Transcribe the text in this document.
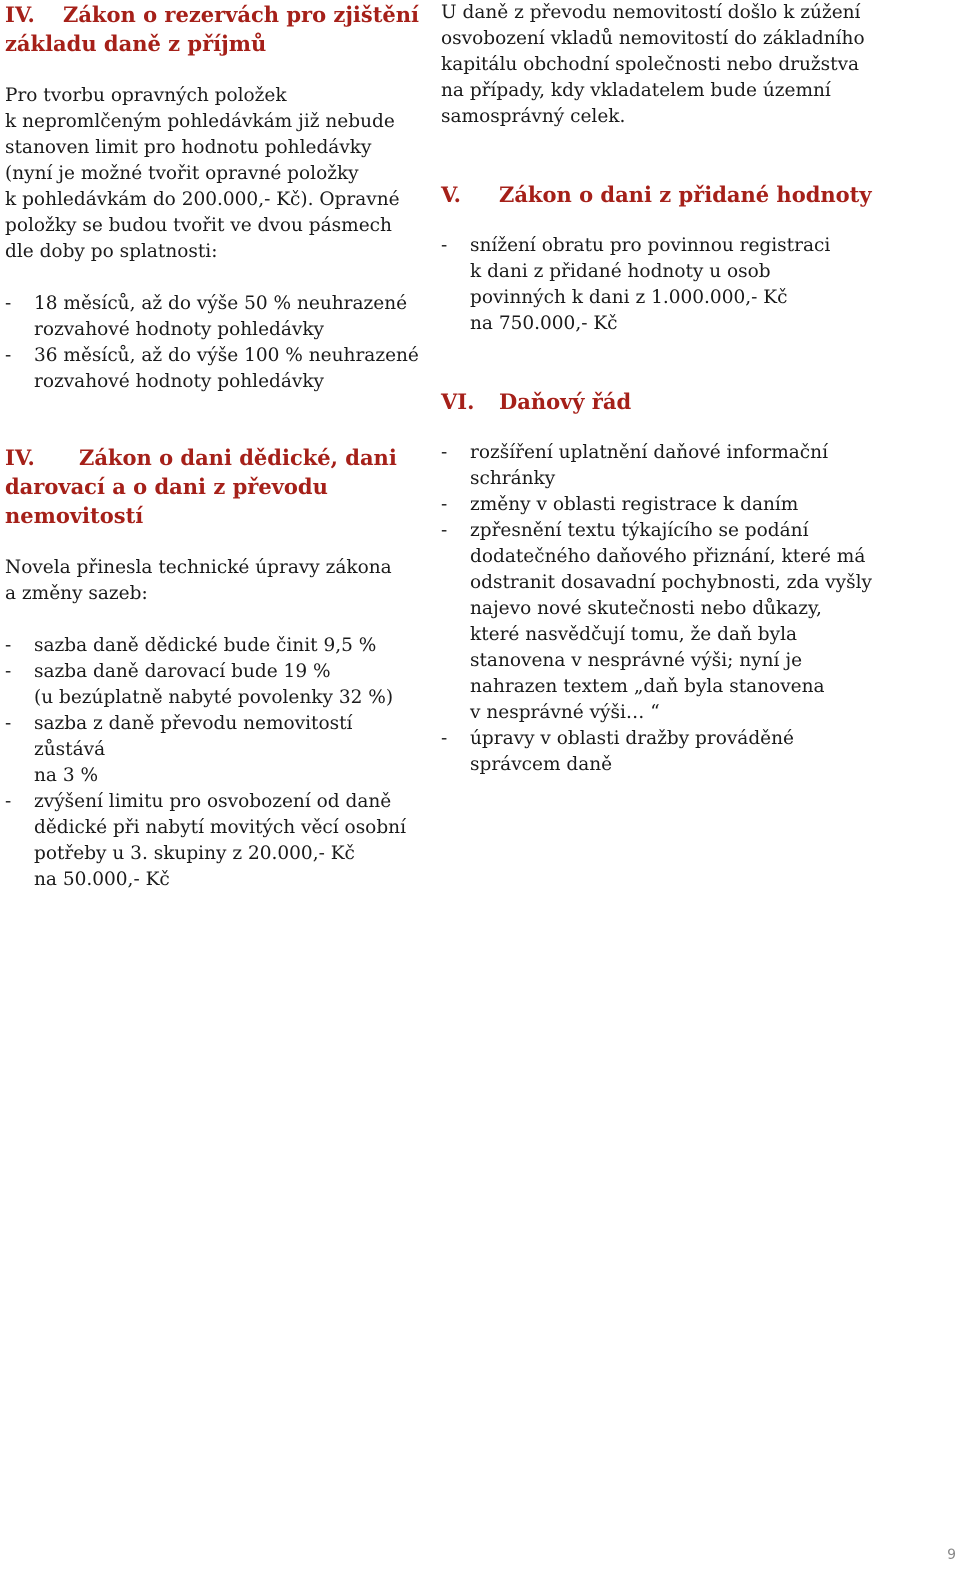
IV. Zákon o rezervách pro zjištění
základu daně z příjmů
Pro tvorbu opravných položek
k nepromlčeným pohledávkám již nebude
stanoven limit pro hodnotu pohledávky
(nyní je možné tvořit opravné položky
k pohledávkám do 200.000,- Kč). Opravné
položky se budou tvořit ve dvou pásmech
dle doby po splatnosti:
- 18 měsíců, až do výše 50 % neuhrazené
rozvahové hodnoty pohledávky
- 36 měsíců, až do výše 100 % neuhrazené
rozvahové hodnoty pohledávky
IV. Zákon o dani dědické, dani
darovací a o dani z převodu
nemovitostí
Novela přinesla technické úpravy zákona
a změny sazeb:
- sazba daně dědické bude činit 9,5 %
- sazba daně darovací bude 19 %
(u bezúplatně nabyté povolenky 32 %)
- sazba z daně převodu nemovitostí zůstává
na 3 %
- zvýšení limitu pro osvobození od daně
dědické při nabytí movitých věcí osobní
potřeby u 3. skupiny z 20.000,- Kč
na 50.000,- Kč
U daně z převodu nemovitostí došlo k zúžení
osvobození vkladů nemovitostí do základního
kapitálu obchodní společnosti nebo družstva
na případy, kdy vkladatelem bude územní
samosprávný celek.
V. Zákon o dani z přidané hodnoty
- snížení obratu pro povinnou registraci
k dani z přidané hodnoty u osob
povinných k dani z 1.000.000,- Kč
na 750.000,- Kč
VI. Daňový řád
- rozšíření uplatnění daňové informační
schránky
- změny v oblasti registrace k daním
- zpřesnění textu týkajícího se podání
dodatečného daňového přiznání, které má
odstranit dosavadní pochybnosti, zda vyšly
najevo nové skutečnosti nebo důkazy,
které nasvědčují tomu, že daň byla
stanovena v nesprávné výši; nyní je
nahrazen textem „daň byla stanovena
v nesprávné výši… “
- úpravy v oblasti dražby prováděné
správcem daně
9
